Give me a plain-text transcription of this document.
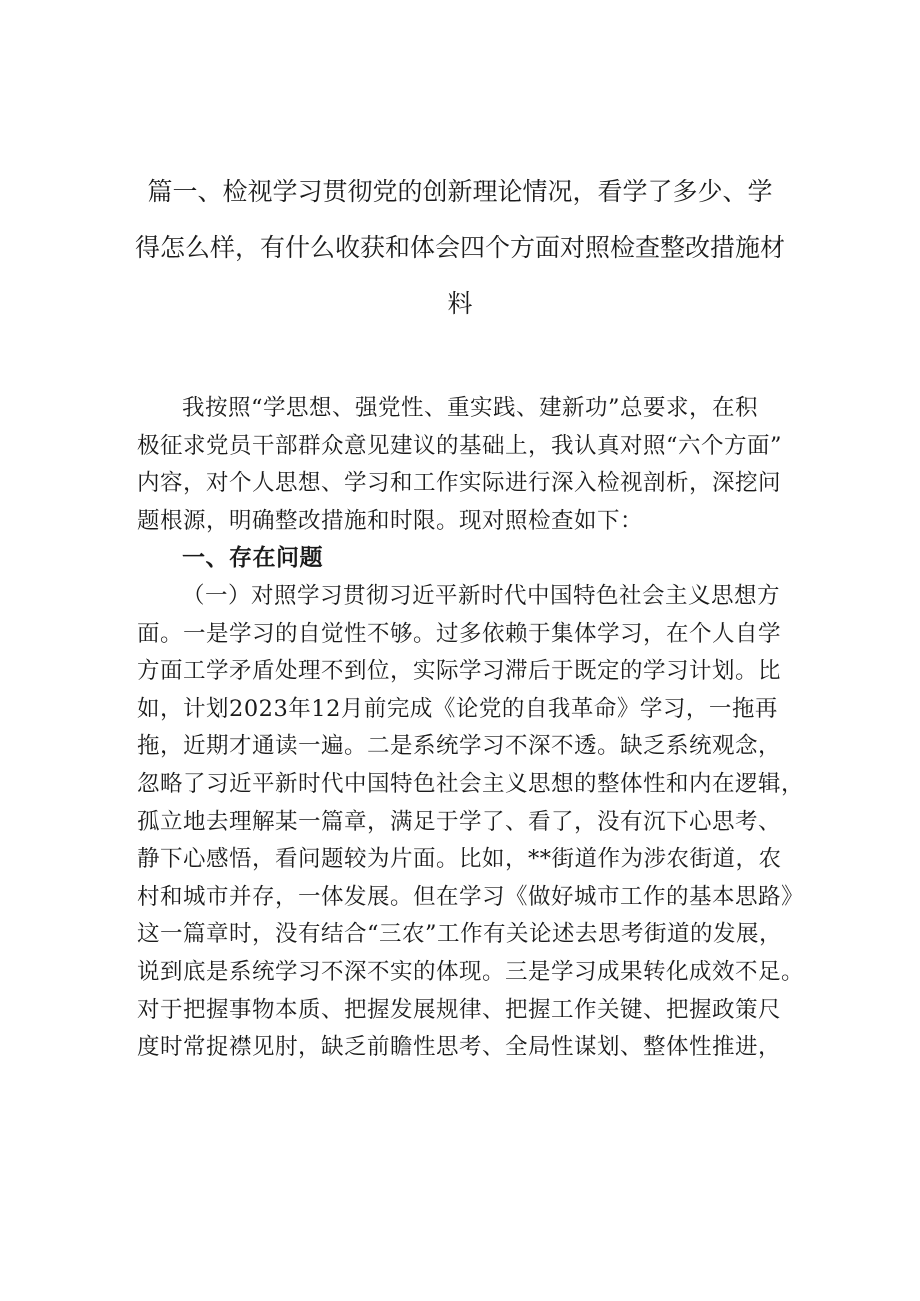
篇一、检视学习贯彻党的创新理论情况，看学了多少、学
得怎么样，有什么收获和体会四个方面对照检查整改措施材
料
我按照“学思想、强党性、重实践、建新功”总要求，在积
极征求党员干部群众意见建议的基础上，我认真对照“六个方面”
内容，对个人思想、学习和工作实际进行深入检视剖析，深挖问
题根源，明确整改措施和时限。现对照检查如下：
一、存在问题
（一）对照学习贯彻习近平新时代中国特色社会主义思想方
面。一是学习的自觉性不够。过多依赖于集体学习，在个人自学
方面工学矛盾处理不到位，实际学习滞后于既定的学习计划。比
如，计划2023年12月前完成《论党的自我革命》学习，一拖再
拖，近期才通读一遍。二是系统学习不深不透。缺乏系统观念，
忽略了习近平新时代中国特色社会主义思想的整体性和内在逻辑，
孤立地去理解某一篇章，满足于学了、看了，没有沉下心思考、
静下心感悟，看问题较为片面。比如，**街道作为涉农街道，农
村和城市并存，一体发展。但在学习《做好城市工作的基本思路》
这一篇章时，没有结合“三农”工作有关论述去思考街道的发展，
说到底是系统学习不深不实的体现。三是学习成果转化成效不足。
对于把握事物本质、把握发展规律、把握工作关键、把握政策尺
度时常捉襟见肘，缺乏前瞻性思考、全局性谋划、整体性推进，
